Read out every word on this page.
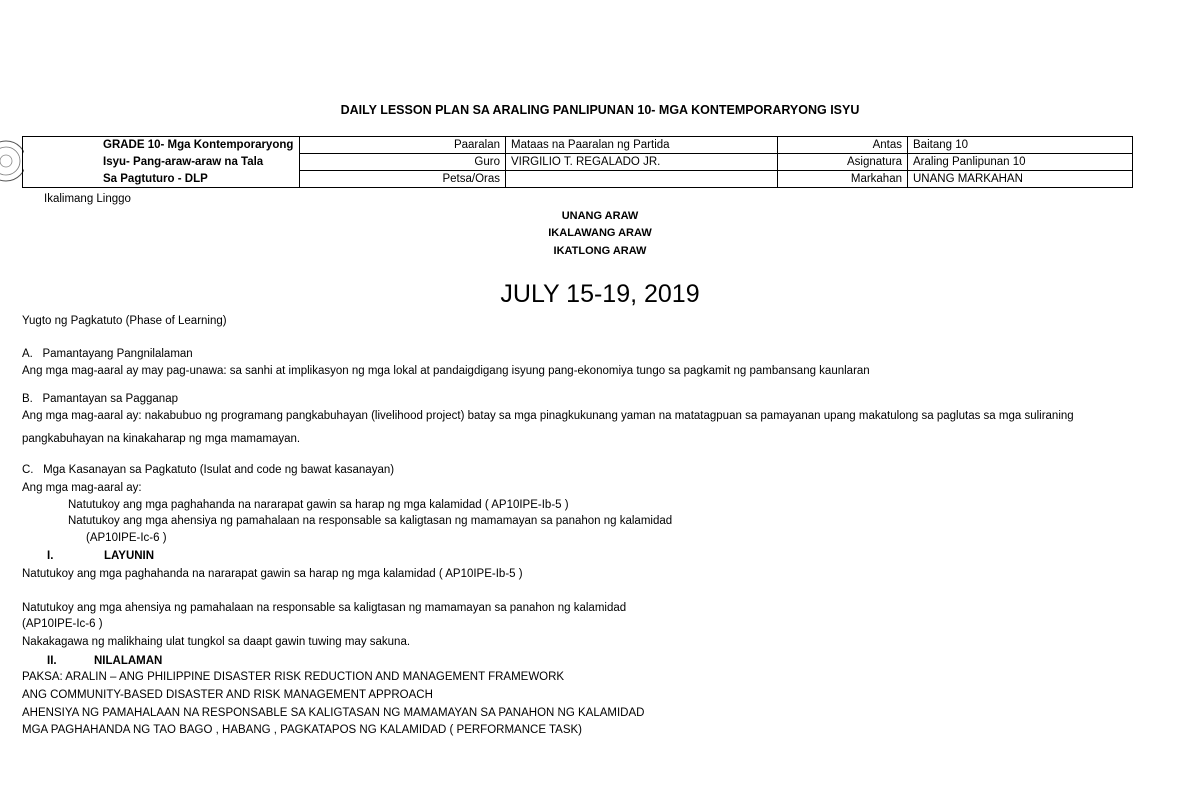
DAILY LESSON PLAN SA ARALING PANLIPUNAN 10- MGA KONTEMPORARYONG ISYU
GRADE 10- Mga Kontemporaryong	Paaralan	Mataas na Paaralan ng Partida	Antas	Baitang 10
Isyu- Pang-araw-araw na Tala	Guro	VIRGILIO T. REGALADO JR.	Asignatura	Araling Panlipunan 10
Sa Pagtuturo - DLP	Petsa/Oras		Markahan	UNANG MARKAHAN
Ikalimang Linggo
UNANG ARAW
IKALAWANG ARAW
IKATLONG ARAW
JULY 15-19, 2019
Yugto ng Pagkatuto (Phase of Learning)
A.   Pamantayang Pangnilalaman
Ang mga mag-aaral ay may pag-unawa: sa sanhi at implikasyon ng mga lokal at pandaigdigang isyung pang-ekonomiya tungo sa pagkamit ng pambansang kaunlaran
B.   Pamantayan sa Pagganap
Ang mga mag-aaral ay: nakabubuo ng programang pangkabuhayan (livelihood project) batay sa mga pinagkukunang yaman na matatagpuan sa pamayanan upang makatulong sa paglutas sa mga suliraning pangkabuhayan na kinakaharap ng mga mamamayan.
C.   Mga Kasanayan sa Pagkatuto (Isulat and code ng bawat kasanayan)
Ang mga mag-aaral ay:
Natutukoy ang mga paghahanda na nararapat gawin sa harap ng mga kalamidad ( AP10IPE-Ib-5 )
Natutukoy ang mga ahensiya ng pamahalaan na responsable sa kaligtasan ng mamamayan sa panahon ng kalamidad
(AP10IPE-Ic-6 )
I.	LAYUNIN
Natutukoy ang mga paghahanda na nararapat gawin sa harap ng mga kalamidad ( AP10IPE-Ib-5 )
Natutukoy ang mga ahensiya ng pamahalaan na responsable sa kaligtasan ng mamamayan sa panahon ng kalamidad
(AP10IPE-Ic-6 )
Nakakagawa ng malikhaing ulat tungkol sa daapt gawin tuwing may sakuna.
II.	NILALAMAN
PAKSA: ARALIN – ANG PHILIPPINE DISASTER RISK REDUCTION AND MANAGEMENT FRAMEWORK
ANG COMMUNITY-BASED DISASTER AND RISK MANAGEMENT APPROACH
AHENSIYA NG PAMAHALAAN NA RESPONSABLE SA KALIGTASAN NG MAMAMAYAN SA PANAHON NG KALAMIDAD
MGA PAGHAHANDA NG TAO BAGO , HABANG , PAGKATAPOS NG KALAMIDAD ( PERFORMANCE TASK)
